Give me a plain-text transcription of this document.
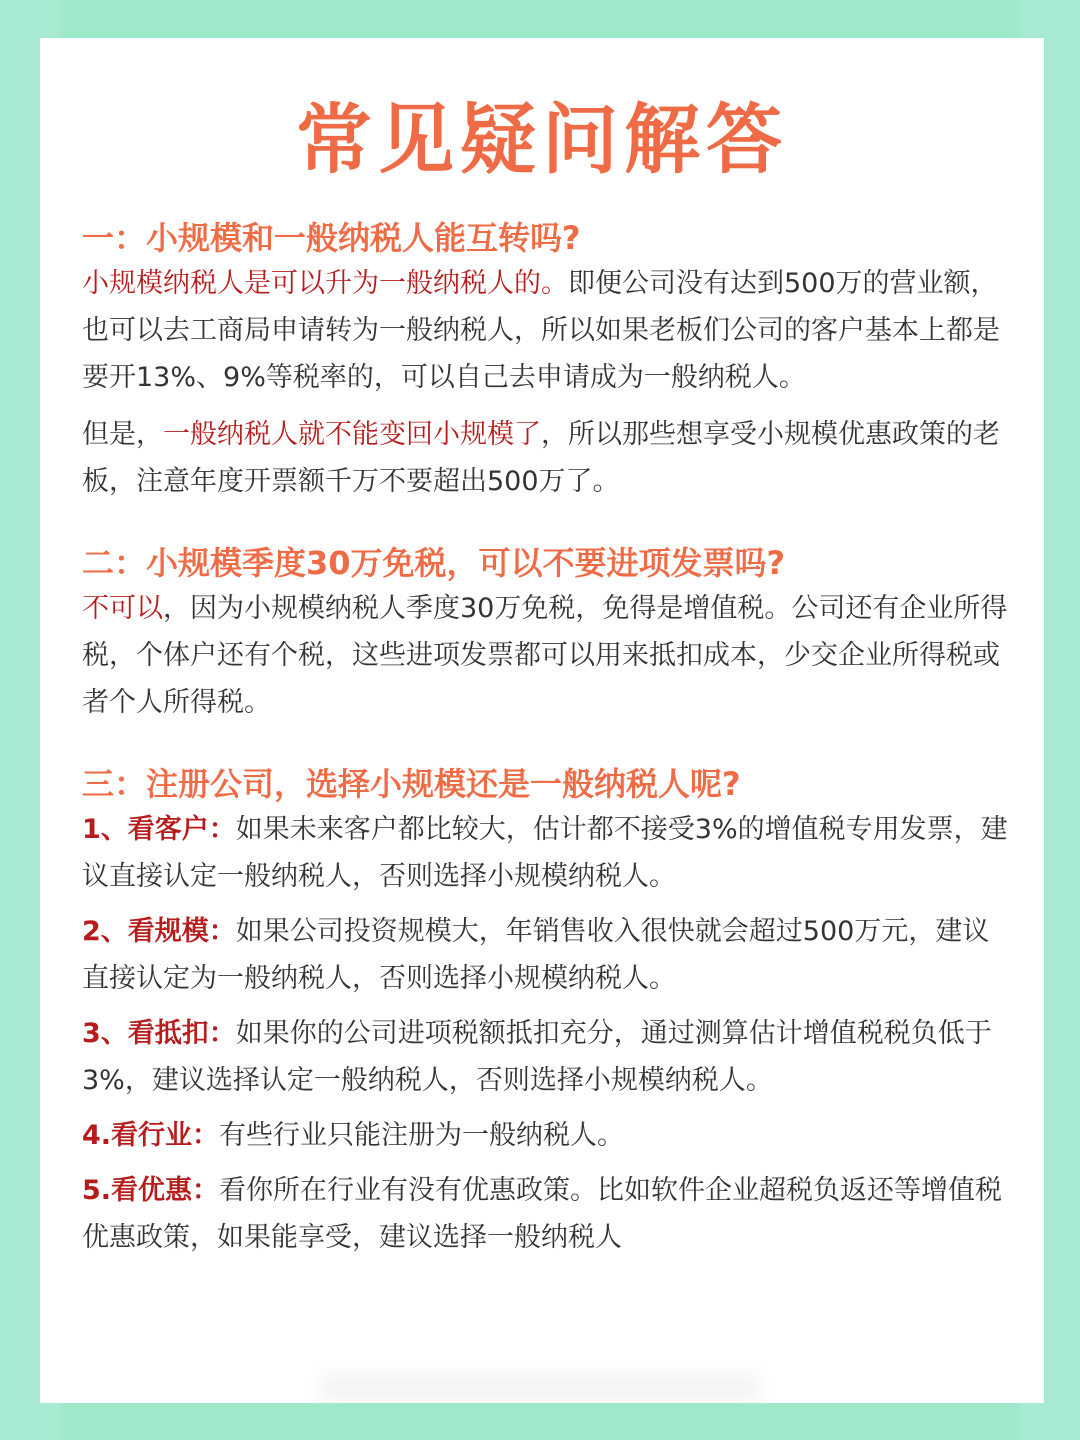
常见疑问解答
一：小规模和一般纳税人能互转吗?
小规模纳税人是可以升为一般纳税人的。即便公司没有达到500万的营业额，也可以去工商局申请转为一般纳税人，所以如果老板们公司的客户基本上都是要开13%、9%等税率的，可以自己去申请成为一般纳税人。
但是，一般纳税人就不能变回小规模了，所以那些想享受小规模优惠政策的老板，注意年度开票额千万不要超出500万了。
二：小规模季度30万免税，可以不要进项发票吗?
不可以，因为小规模纳税人季度30万免税，免得是增值税。公司还有企业所得税，个体户还有个税，这些进项发票都可以用来抵扣成本，少交企业所得税或者个人所得税。
三：注册公司，选择小规模还是一般纳税人呢?
1、看客户：如果未来客户都比较大，估计都不接受3%的增值税专用发票，建议直接认定一般纳税人，否则选择小规模纳税人。
2、看规模：如果公司投资规模大，年销售收入很快就会超过500万元，建议直接认定为一般纳税人，否则选择小规模纳税人。
3、看抵扣：如果你的公司进项税额抵扣充分，通过测算估计增值税税负低于3%，建议选择认定一般纳税人，否则选择小规模纳税人。
4.看行业：有些行业只能注册为一般纳税人。
5.看优惠：看你所在行业有没有优惠政策。比如软件企业超税负返还等增值税优惠政策，如果能享受，建议选择一般纳税人
